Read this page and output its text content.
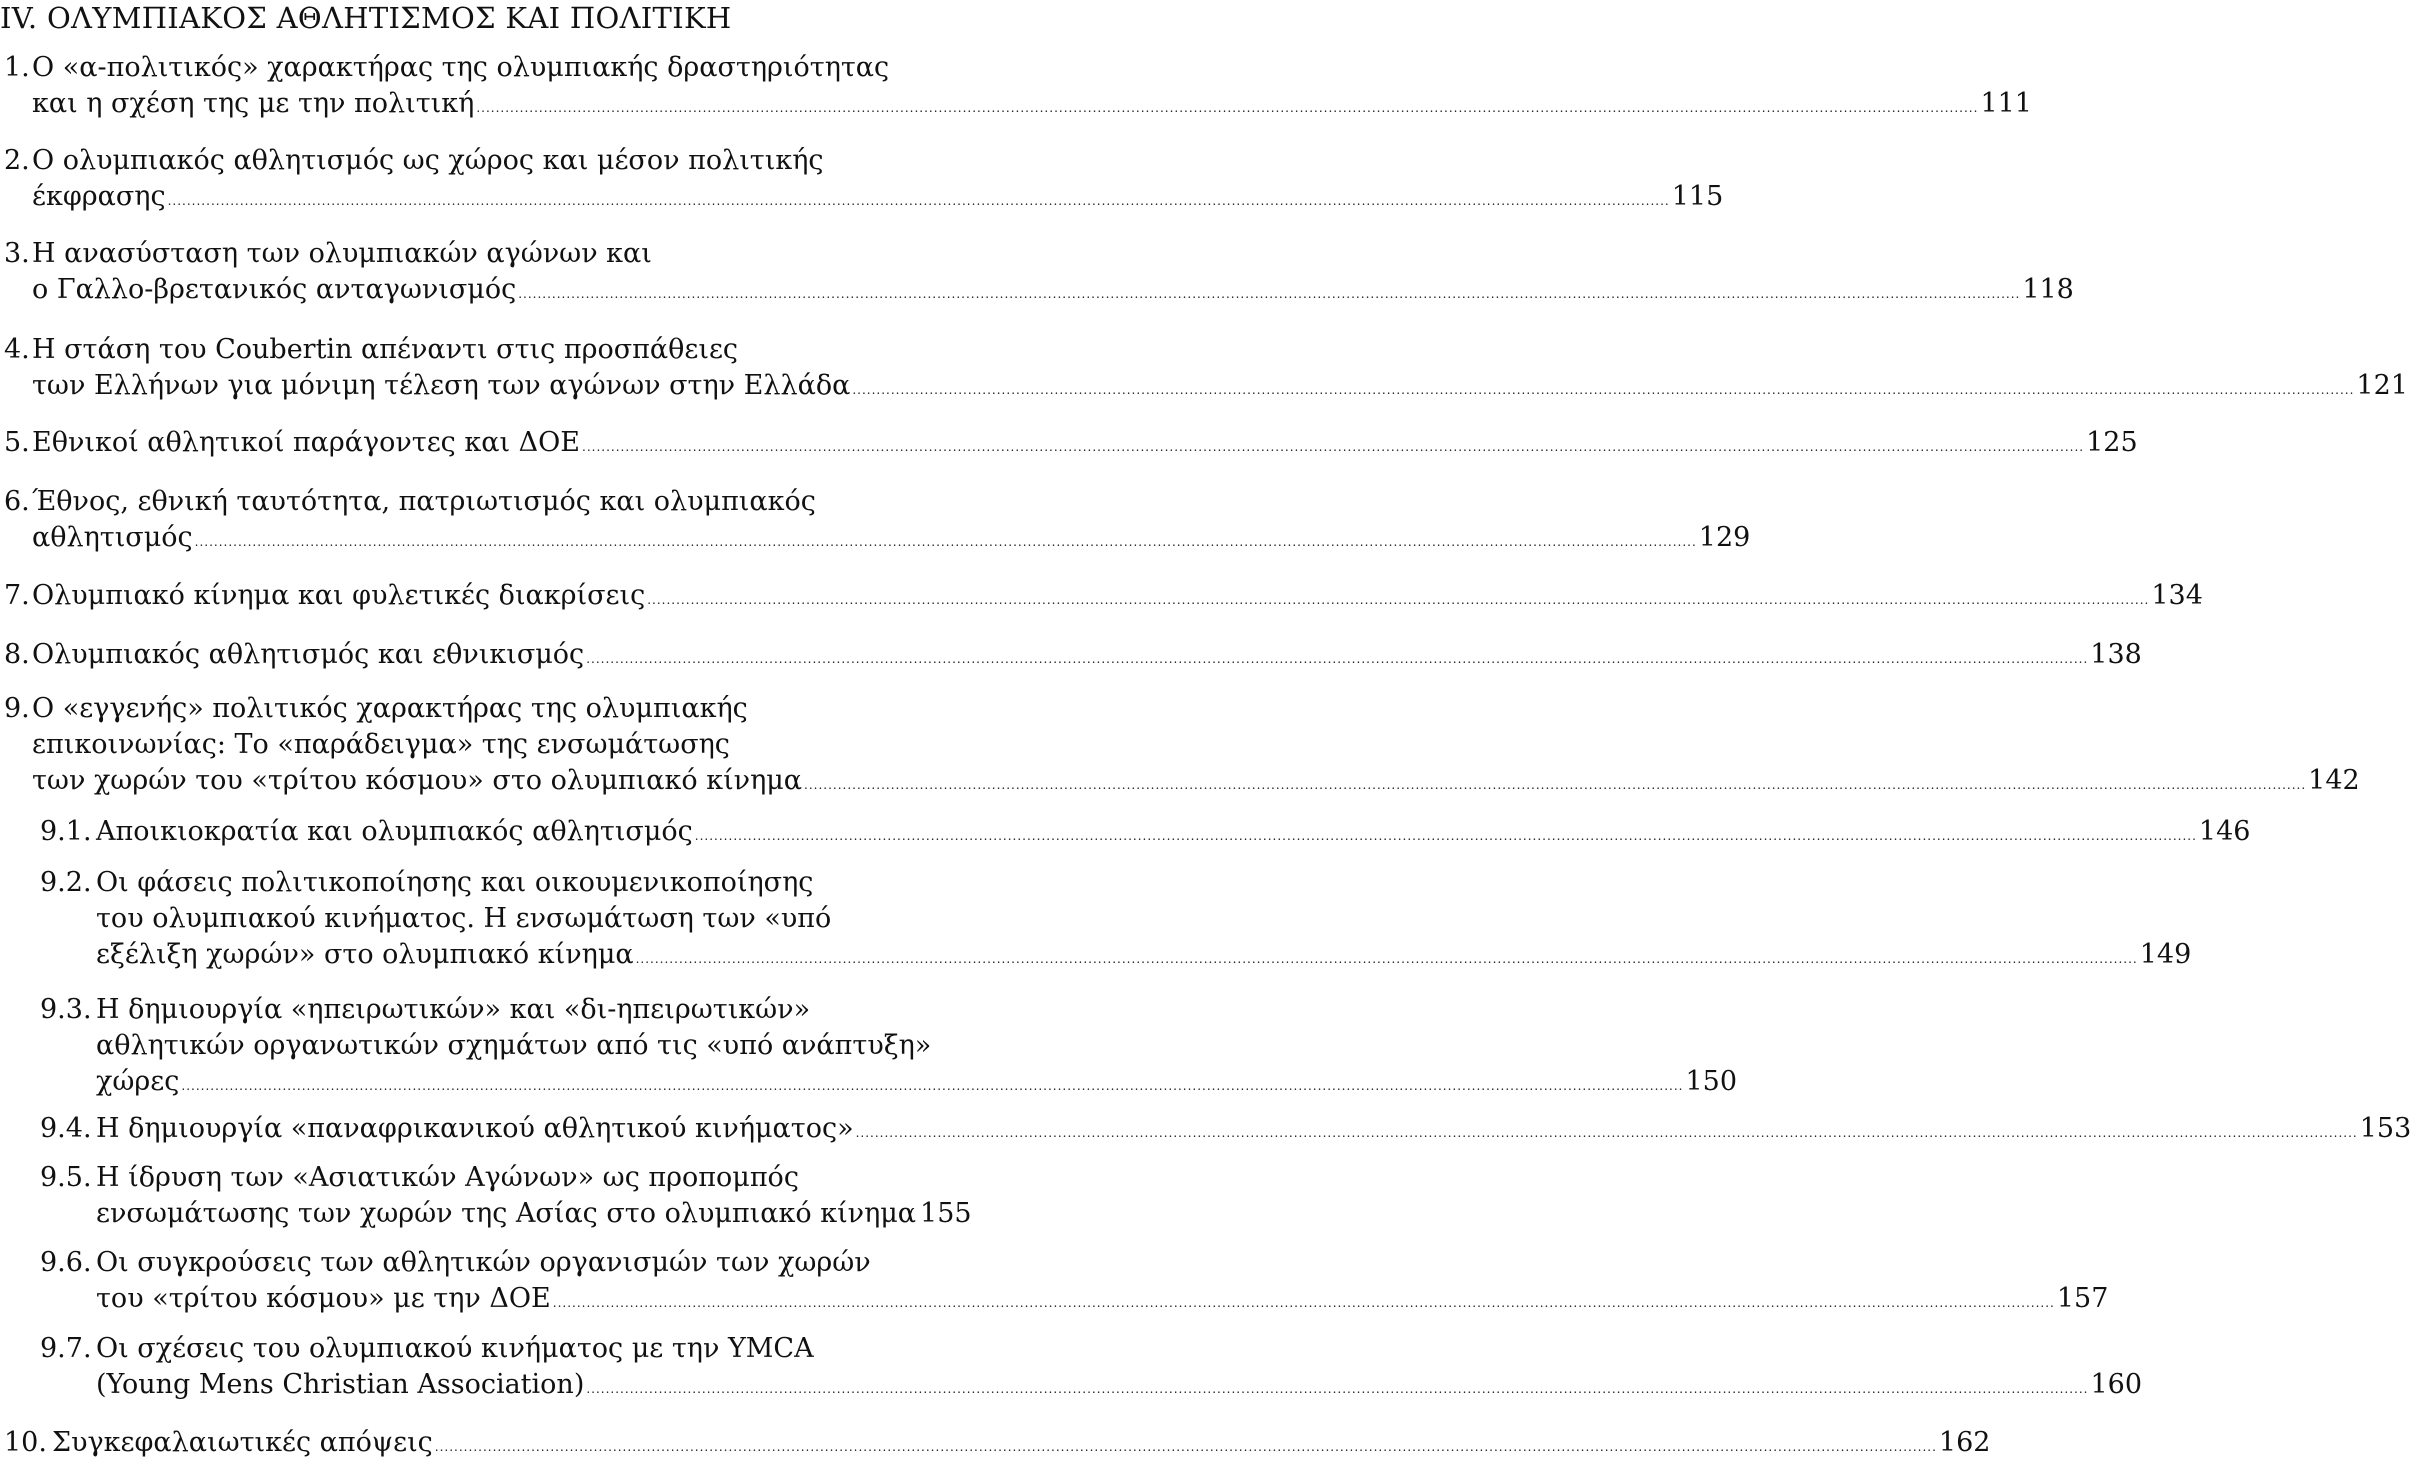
IV. ΟΛΥΜΠΙΑΚΟΣ ΑΘΛΗΤΙΣΜΟΣ ΚΑΙ ΠΟΛΙΤΙΚΗ
1. Ο «α-πολιτικός» χαρακτήρας της ολυμπιακής δραστηριότητας
και η σχέση της με την πολιτική .....	111
2. Ο ολυμπιακός αθλητισμός ως χώρος και μέσον πολιτικής
έκφρασης .....	115
3. Η ανασύσταση των ολυμπιακών αγώνων και
ο Γαλλο-βρετανικός ανταγωνισμός .....	118
4. Η στάση του Coubertin απέναντι στις προσπάθειες
των Ελλήνων για μόνιμη τέλεση των αγώνων στην Ελλάδα .....	121
5. Εθνικοί αθλητικοί παράγοντες και ΔΟΕ .....	125
6. Έθνος, εθνική ταυτότητα, πατριωτισμός και ολυμπιακός
αθλητισμός .....	129
7. Ολυμπιακό κίνημα και φυλετικές διακρίσεις .....	134
8. Ολυμπιακός αθλητισμός και εθνικισμός .....	138
9. Ο «εγγενής» πολιτικός χαρακτήρας της ολυμπιακής
επικοινωνίας: Το «παράδειγμα» της ενσωμάτωσης
των χωρών του «τρίτου κόσμου» στο ολυμπιακό κίνημα .....	142
9.1. Αποικιοκρατία και ολυμπιακός αθλητισμός .....	146
9.2. Οι φάσεις πολιτικοποίησης και οικουμενικοποίησης
του ολυμπιακού κινήματος. Η ενσωμάτωση των «υπό
εξέλιξη χωρών» στο ολυμπιακό κίνημα .....	149
9.3. Η δημιουργία «ηπειρωτικών» και «δι-ηπειρωτικών»
αθλητικών οργανωτικών σχημάτων από τις «υπό ανάπτυξη»
χώρες .....	150
9.4. Η δημιουργία «παναφρικανικού αθλητικού κινήματος» .....	153
9.5. Η ίδρυση των «Ασιατικών Αγώνων» ως προπομπός
ενσωμάτωσης των χωρών της Ασίας στο ολυμπιακό κίνημα 155
9.6. Οι συγκρούσεις των αθλητικών οργανισμών των χωρών
του «τρίτου κόσμου» με την ΔΟΕ .....	157
9.7. Οι σχέσεις του ολυμπιακού κινήματος με την YMCA
(Young Mens Christian Association) .....	160
10. Συγκεφαλαιωτικές απόψεις .....	162
